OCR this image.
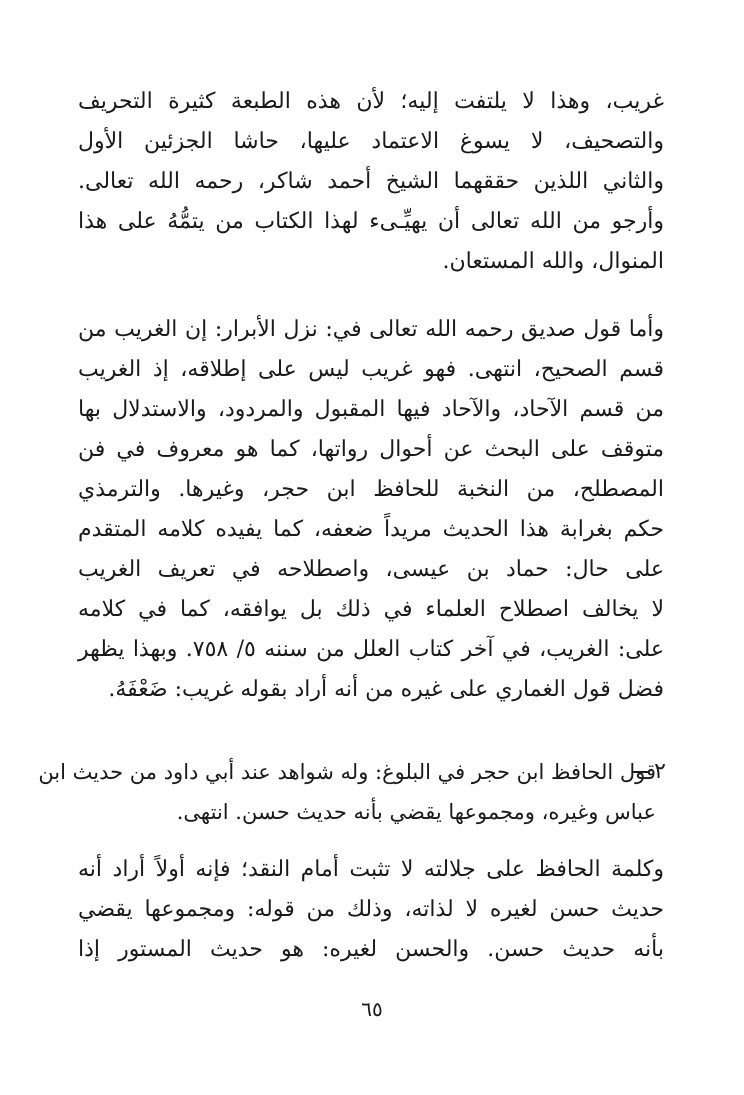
غريب، وهذا لا يلتفت إليه؛ لأن هذه الطبعة كثيرة التحريف
والتصحيف، لا يسوغ الاعتماد عليها، حاشا الجزئين الأول
والثاني اللذين حققهما الشيخ أحمد شاكر، رحمه الله تعالى.
وأرجو من الله تعالى أن يهيِّـىء لهذا الكتاب من يتمُّهُ على هذا
المنوال، والله المستعان.
وأما قول صديق رحمه الله تعالى في: نزل الأبرار: إن الغريب من
قسم الصحيح، انتهى. فهو غريب ليس على إطلاقه، إذ الغريب
من قسم الآحاد، والآحاد فيها المقبول والمردود، والاستدلال بها
متوقف على البحث عن أحوال رواتها، كما هو معروف في فن
المصطلح، من النخبة للحافظ ابن حجر، وغيرها. والترمذي
حكم بغرابة هذا الحديث مريداً ضعفه، كما يفيده كلامه المتقدم
على حال: حماد بن عيسى، واصطلاحه في تعريف الغريب
لا يخالف اصطلاح العلماء في ذلك بل يوافقه، كما في كلامه
على: الغريب، في آخر كتاب العلل من سننه ٥/ ٧٥٨. وبهذا يظهر
فضل قول الغماري على غيره من أنه أراد بقوله غريب: ضَعْفَهُ.
٢
قول الحافظ ابن حجر في البلوغ: وله شواهد عند أبي داود من حديث ابن
عباس وغيره، ومجموعها يقضي بأنه حديث حسن. انتهى.
وكلمة الحافظ على جلالته لا تثبت أمام النقد؛ فإنه أولاً أراد أنه
حديث حسن لغيره لا لذاته، وذلك من قوله: ومجموعها يقضي
بأنه حديث حسن. والحسن لغيره: هو حديث المستور إذا
٦٥
